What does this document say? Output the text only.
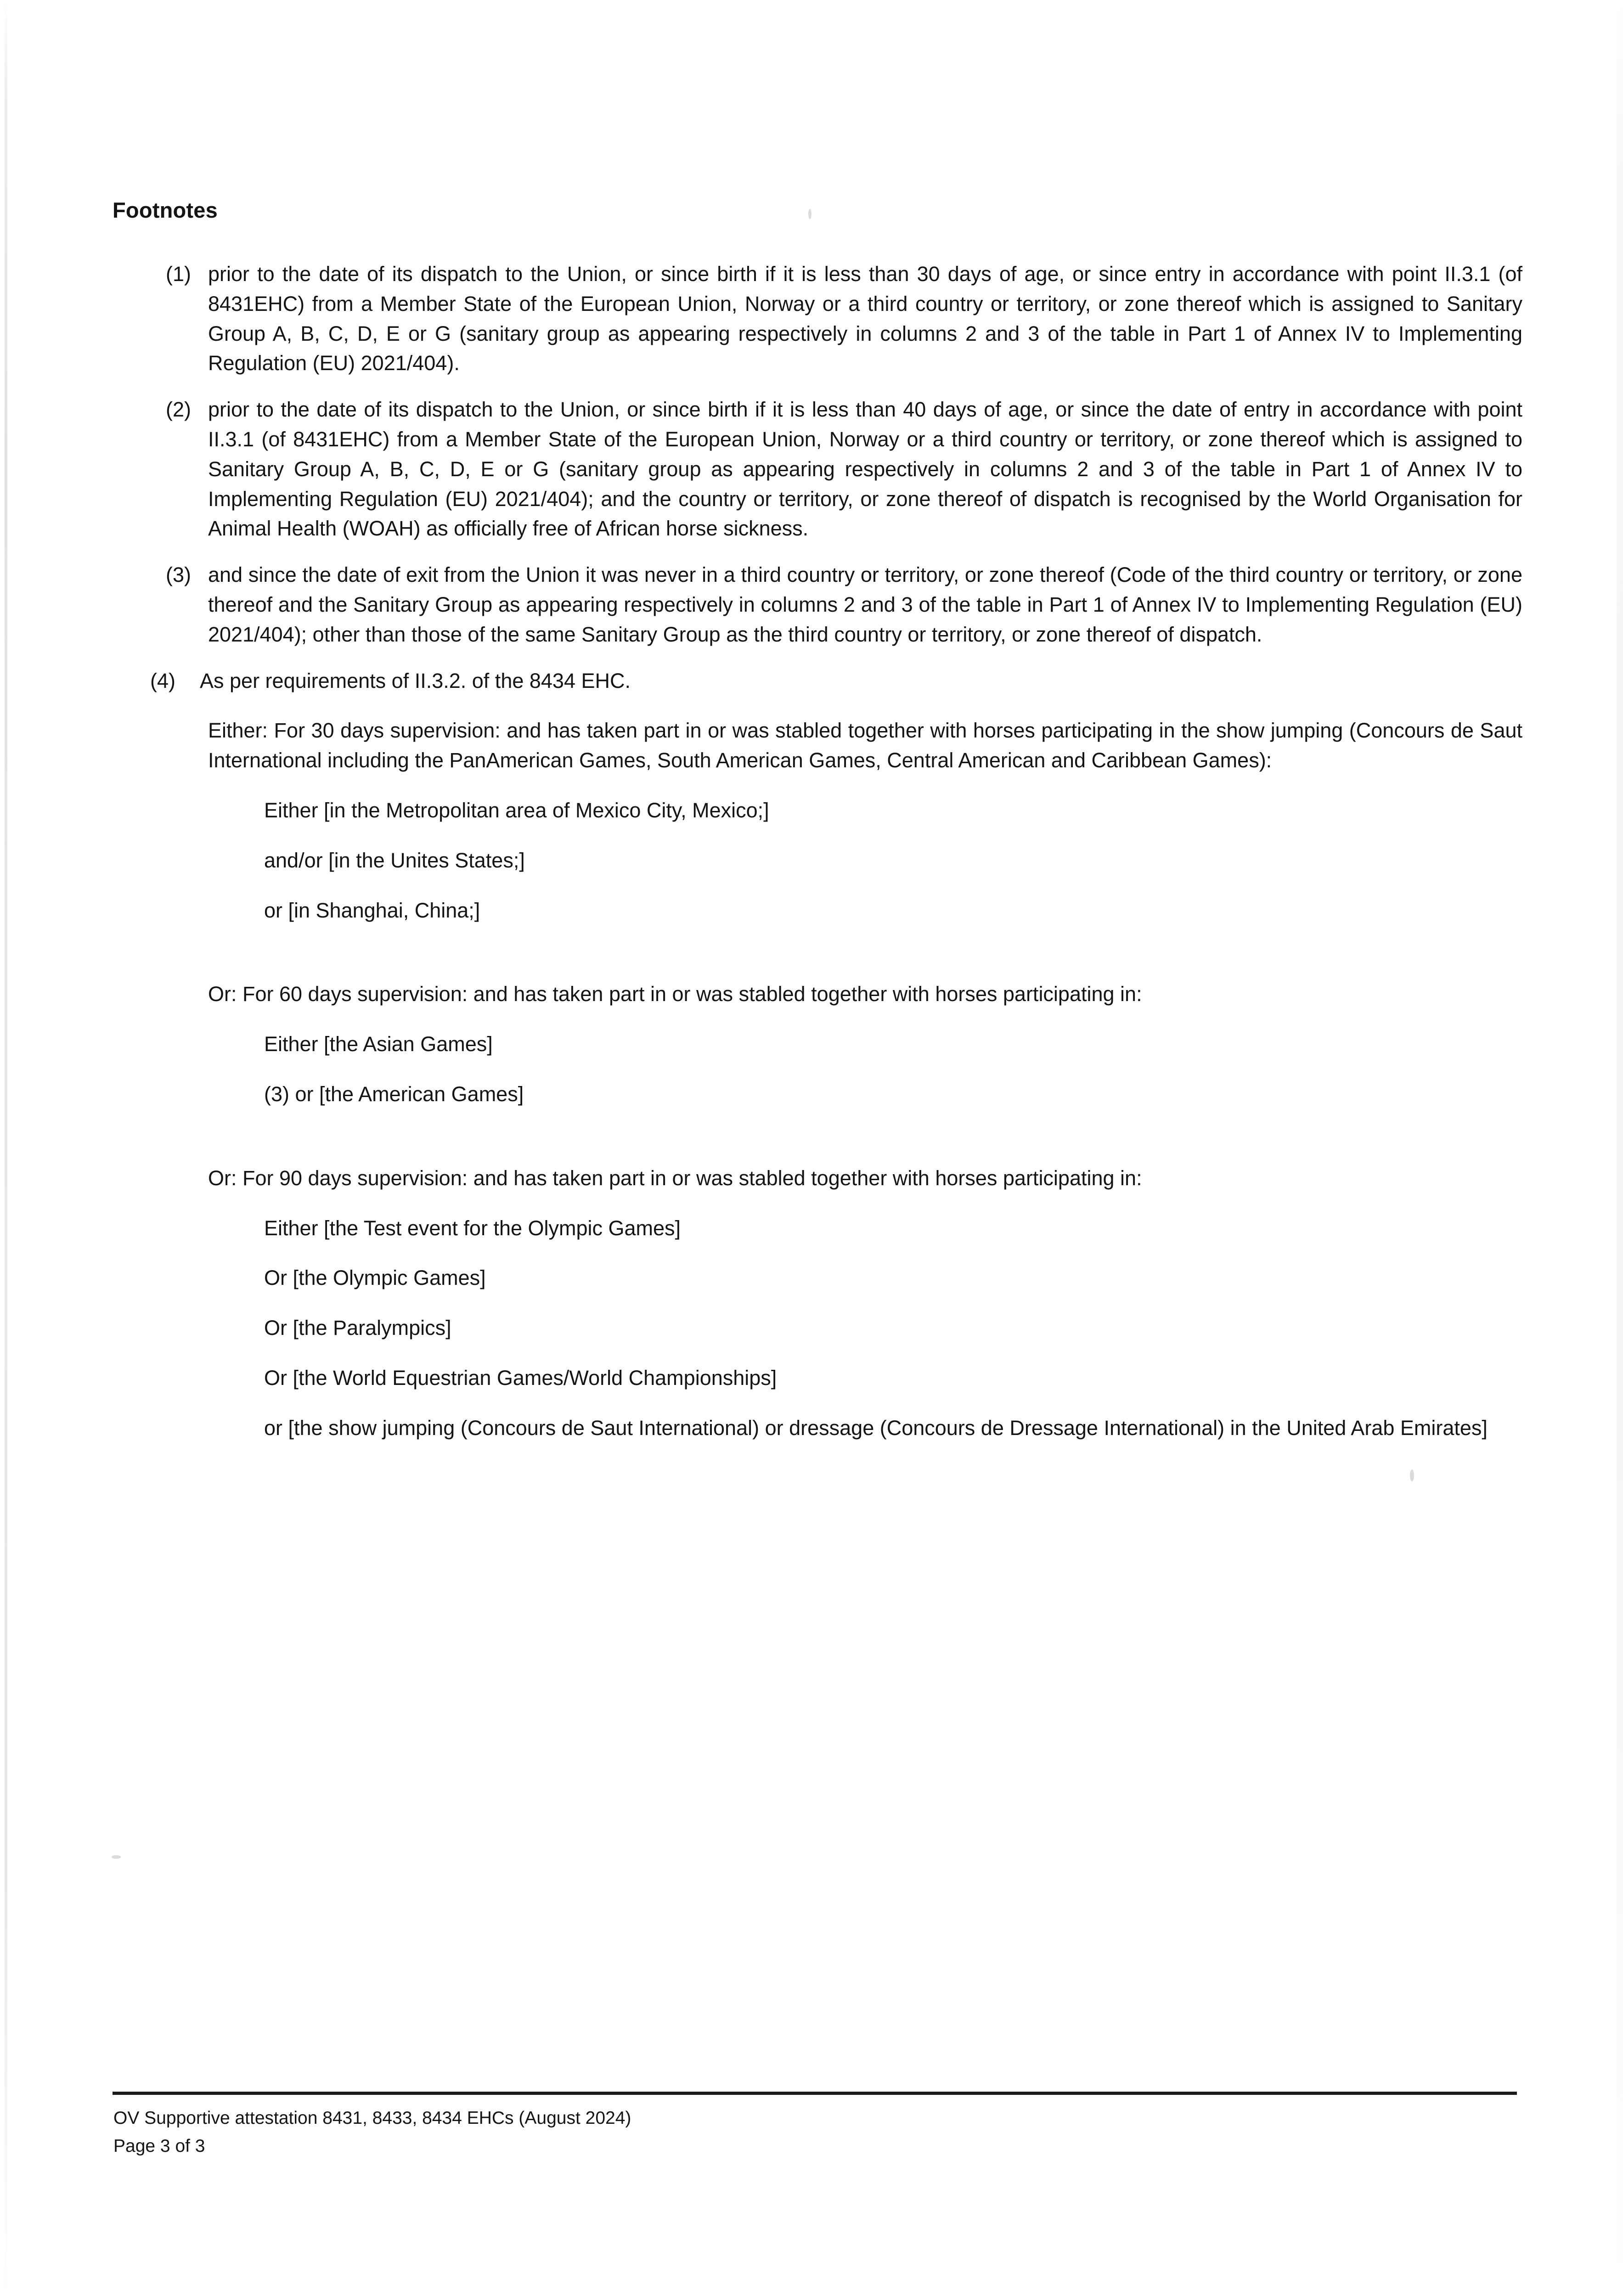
Footnotes
(1) prior to the date of its dispatch to the Union, or since birth if it is less than 30 days of age, or since entry in accordance with point II.3.1 (of 8431EHC) from a Member State of the European Union, Norway or a third country or territory, or zone thereof which is assigned to Sanitary Group A, B, C, D, E or G (sanitary group as appearing respectively in columns 2 and 3 of the table in Part 1 of Annex IV to Implementing Regulation (EU) 2021/404).
(2) prior to the date of its dispatch to the Union, or since birth if it is less than 40 days of age, or since the date of entry in accordance with point II.3.1 (of 8431EHC) from a Member State of the European Union, Norway or a third country or territory, or zone thereof which is assigned to Sanitary Group A, B, C, D, E or G (sanitary group as appearing respectively in columns 2 and 3 of the table in Part 1 of Annex IV to Implementing Regulation (EU) 2021/404); and the country or territory, or zone thereof of dispatch is recognised by the World Organisation for Animal Health (WOAH) as officially free of African horse sickness.
(3) and since the date of exit from the Union it was never in a third country or territory, or zone thereof (Code of the third country or territory, or zone thereof and the Sanitary Group as appearing respectively in columns 2 and 3 of the table in Part 1 of Annex IV to Implementing Regulation (EU) 2021/404); other than those of the same Sanitary Group as the third country or territory, or zone thereof of dispatch.
(4)	As per requirements of II.3.2. of the 8434 EHC.
Either: For 30 days supervision: and has taken part in or was stabled together with horses participating in the show jumping (Concours de Saut International including the PanAmerican Games, South American Games, Central American and Caribbean Games):
Either [in the Metropolitan area of Mexico City, Mexico;]
and/or [in the Unites States;]
or [in Shanghai, China;]
Or: For 60 days supervision: and has taken part in or was stabled together with horses participating in:
Either [the Asian Games]
(3) or [the American Games]
Or: For 90 days supervision: and has taken part in or was stabled together with horses participating in:
Either [the Test event for the Olympic Games]
Or [the Olympic Games]
Or [the Paralympics]
Or [the World Equestrian Games/World Championships]
or [the show jumping (Concours de Saut International) or dressage (Concours de Dressage International) in the United Arab Emirates]
OV Supportive attestation 8431, 8433, 8434 EHCs (August 2024)
Page 3 of 3
